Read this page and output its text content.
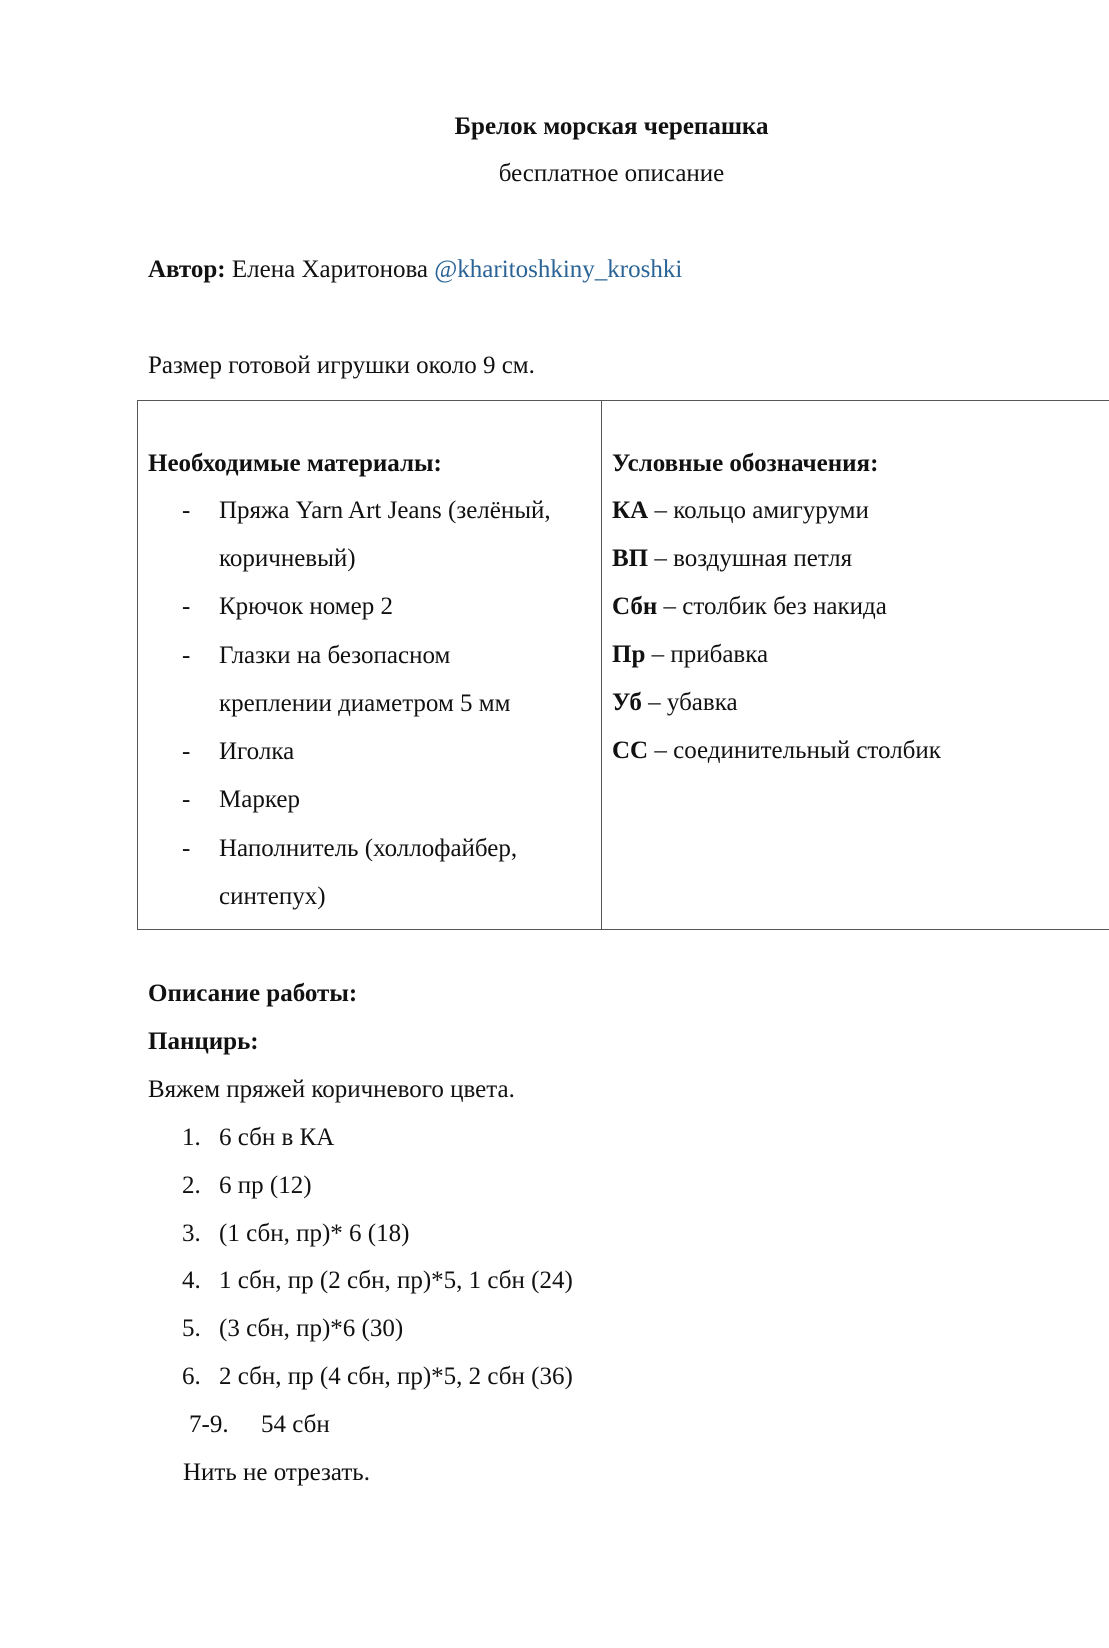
Брелок морская черепашка
бесплатное описание
Автор: Елена Харитонова @kharitoshkiny_kroshki
Размер готовой игрушки около 9 см.
Необходимые материалы:
- Пряжа Yarn Art Jeans (зелёный,
коричневый)
- Крючок номер 2
- Глазки на безопасном
креплении диаметром 5 мм
- Иголка
- Маркер
- Наполнитель (холлофайбер,
синтепух)
Условные обозначения:
КА – кольцо амигуруми
ВП – воздушная петля
Сбн – столбик без накида
Пр – прибавка
Уб – убавка
СС – соединительный столбик
Описание работы:
Панцирь:
Вяжем пряжей коричневого цвета.
1. 6 сбн в КА
2. 6 пр (12)
3. (1 сбн, пр)* 6 (18)
4. 1 сбн, пр (2 сбн, пр)*5, 1 сбн (24)
5. (3 сбн, пр)*6 (30)
6. 2 сбн, пр (4 сбн, пр)*5, 2 сбн (36)
7-9. 54 сбн
Нить не отрезать.
